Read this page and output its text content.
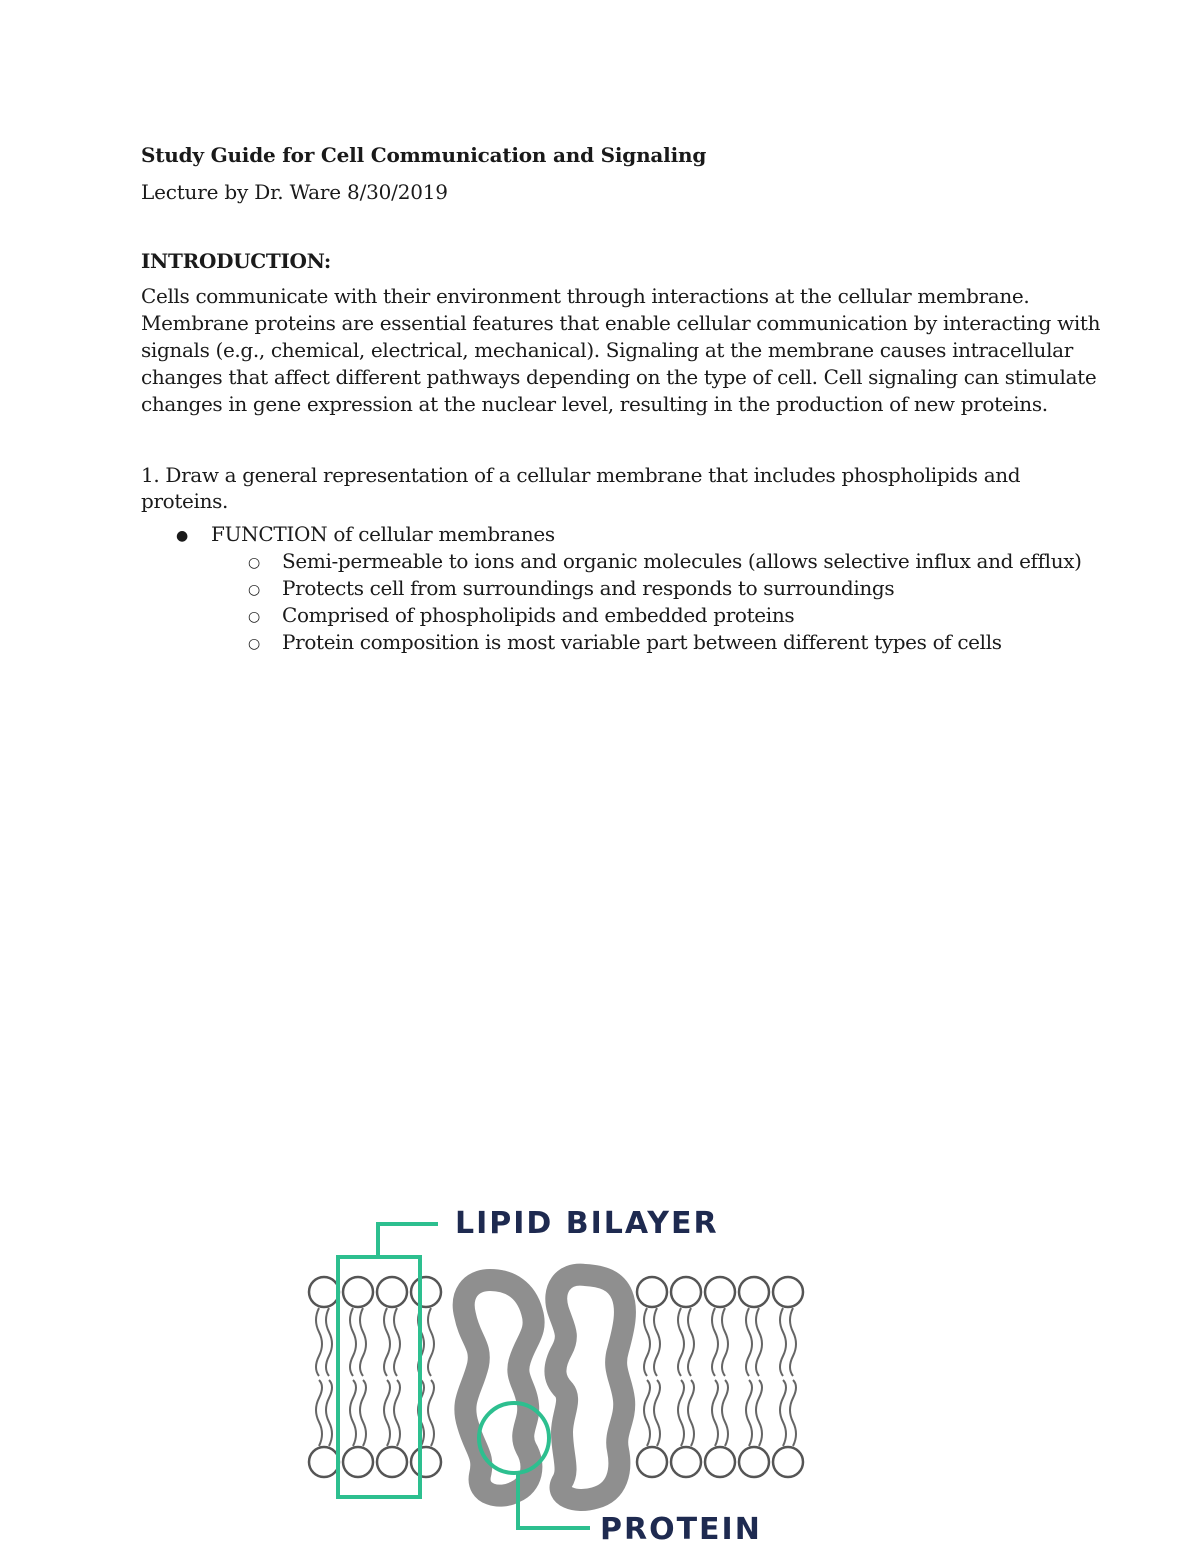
Study Guide for Cell Communication and Signaling
Lecture by Dr. Ware 8/30/2019
INTRODUCTION:
Cells communicate with their environment through interactions at the cellular membrane.
Membrane proteins are essential features that enable cellular communication by interacting with
signals (e.g., chemical, electrical, mechanical). Signaling at the membrane causes intracellular
changes that affect different pathways depending on the type of cell. Cell signaling can stimulate
changes in gene expression at the nuclear level, resulting in the production of new proteins.
1. Draw a general representation of a cellular membrane that includes phospholipids and
proteins.
● FUNCTION of cellular membranes
○ Semi-permeable to ions and organic molecules (allows selective influx and efflux)
○ Protects cell from surroundings and responds to surroundings
○ Comprised of phospholipids and embedded proteins
○ Protein composition is most variable part between different types of cells
LIPID BILAYER
PROTEIN
